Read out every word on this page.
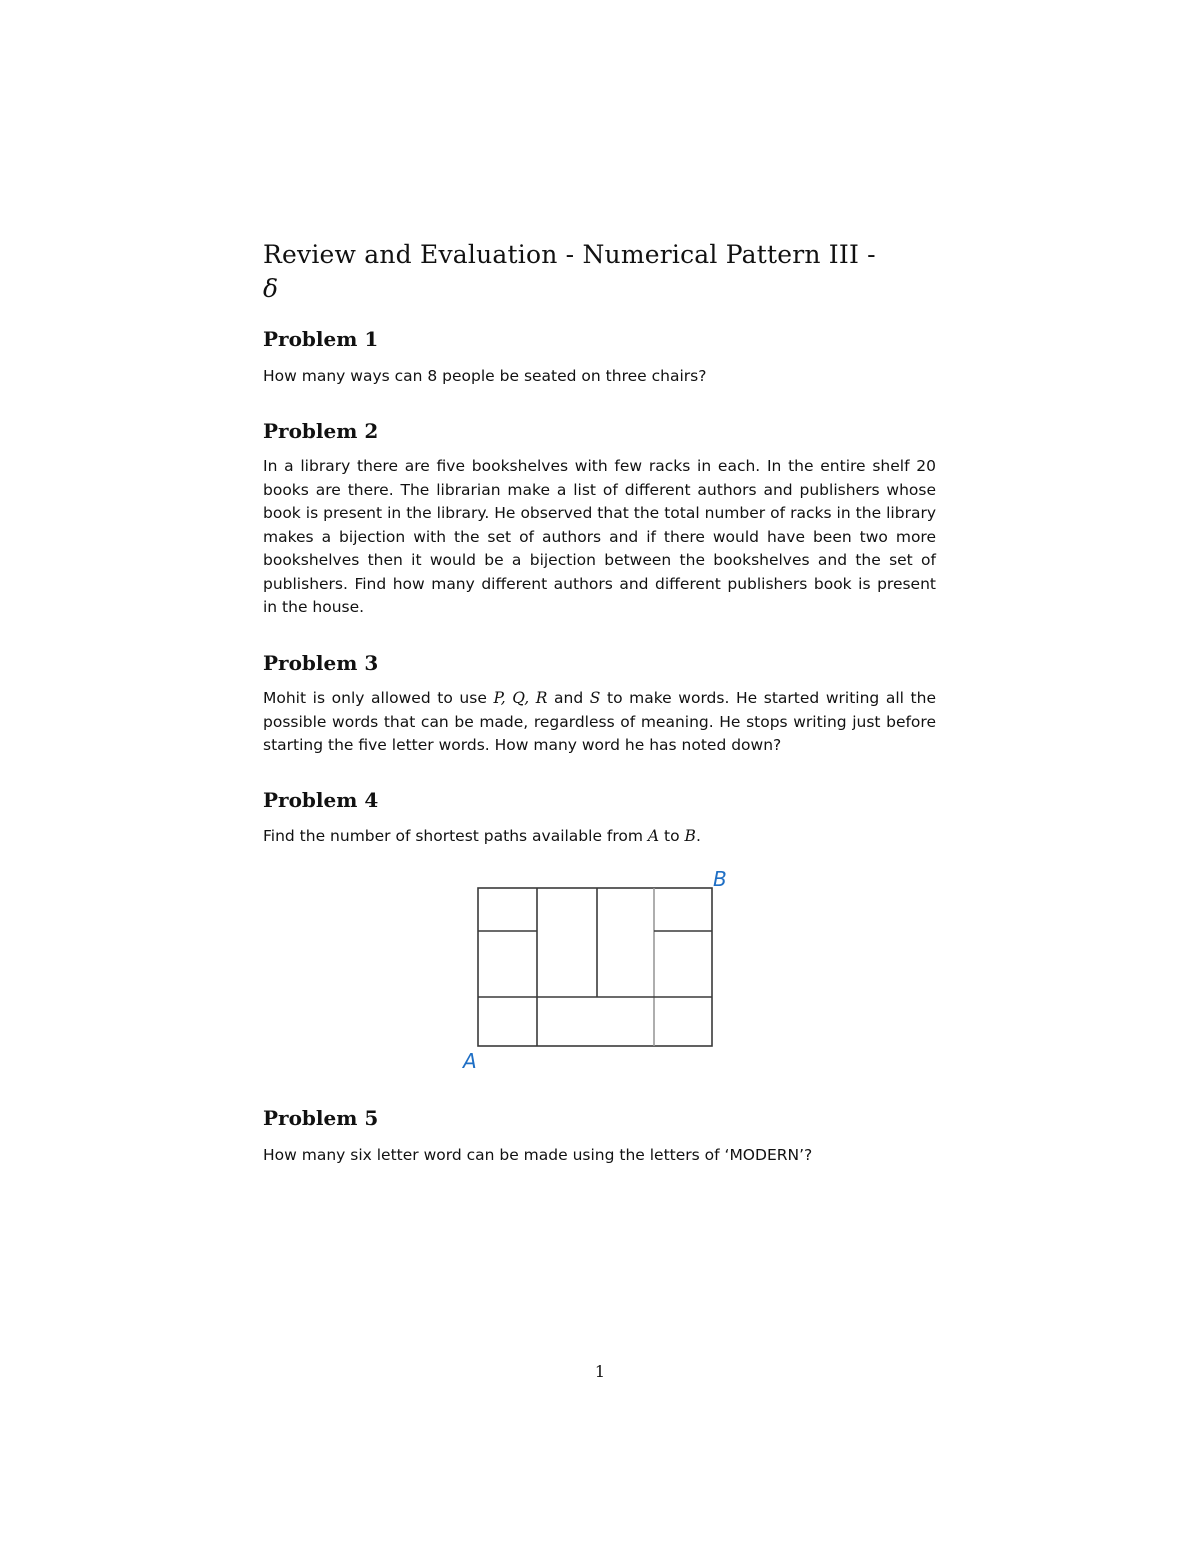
Review and Evaluation - Numerical Pattern III -
δ
Problem 1

How many ways can 8 people be seated on three chairs?

Problem 2

In a library there are five bookshelves with few racks in each. In the entire shelf 20 books are there. The librarian make a list of different authors and publishers whose book is present in the library. He observed that the total number of racks in the library makes a bijection with the set of authors and if there would have been two more bookshelves then it would be a bijection between the bookshelves and the set of publishers. Find how many different authors and different publishers book is present in the house.

Problem 3

Mohit is only allowed to use P, Q, R and S to make words. He started writing all the possible words that can be made, regardless of meaning. He stops writing just before starting the five letter words. How many word he has noted down?

Problem 4

Find the number of shortest paths available from A to B.

A
B
Problem 5

How many six letter word can be made using the letters of ‘MODERN’?

1
